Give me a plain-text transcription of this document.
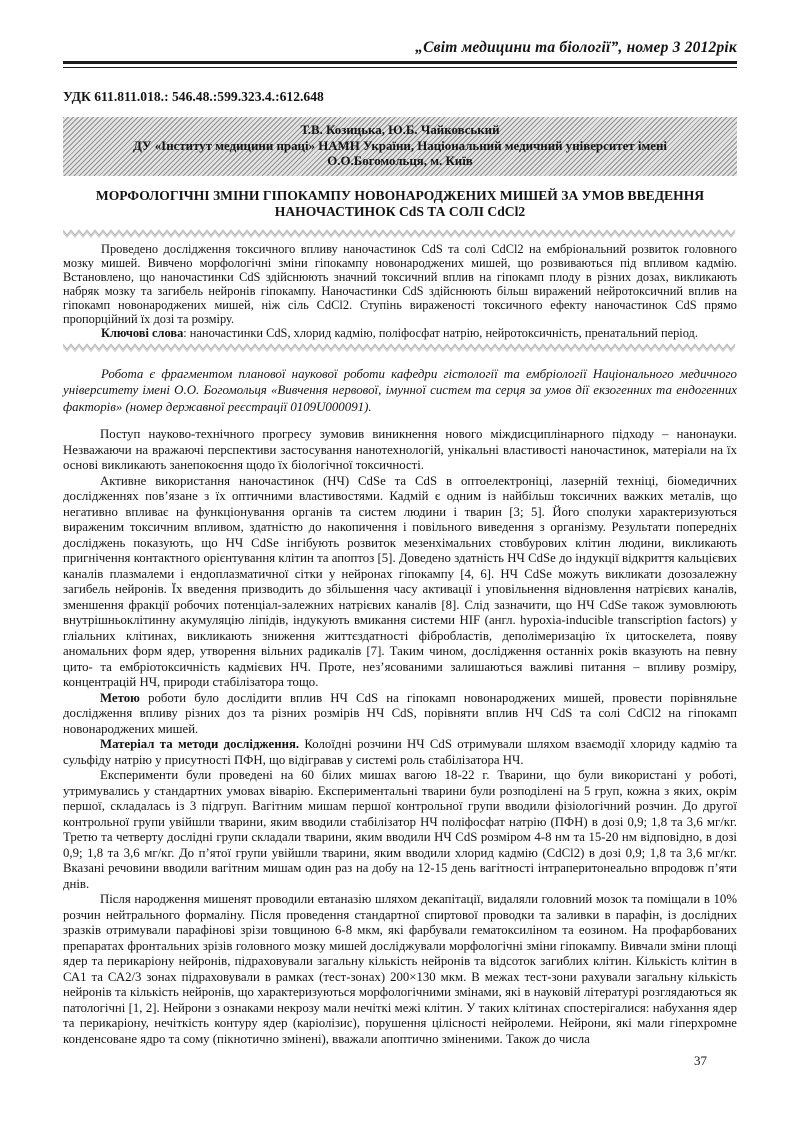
„Світ медицини та біології”, номер 3 2012рік
УДК 611.811.018.: 546.48.:599.323.4.:612.648
Т.В. Козицька, Ю.Б. Чайковський
ДУ «Інститут медицини праці» НАМН України, Національний медичний університет імені
О.О.Богомольця, м. Київ
МОРФОЛОГІЧНІ ЗМІНИ ГІПОКАМПУ НОВОНАРОДЖЕНИХ МИШЕЙ ЗА УМОВ ВВЕДЕННЯ
НАНОЧАСТИНОК CdS ТА СОЛІ CdCl2

Проведено дослідження токсичного впливу наночастинок CdS та солі CdCl2 на ембріональний розвиток головного мозку мишей. Вивчено морфологічні зміни гіпокампу новонароджених мишей, що розвиваються під впливом кадмію. Встановлено, що наночастинки CdS здійснюють значний токсичний вплив на гіпокамп плоду в різних дозах, викликають набряк мозку та загибель нейронів гіпокампу. Наночастинки CdS здійснюють більш виражений нейротоксичний вплив на гіпокамп новонароджених мишей, ніж сіль CdCl2. Ступінь вираженості токсичного ефекту наночастинок CdS прямо пропорційний їх дозі та розміру.

Ключові слова: наночастинки CdS, хлорид кадмію, поліфосфат натрію, нейротоксичність, пренатальний період.

Робота є фрагментом планової наукової роботи кафедри гістології та ембріології Національного медичного університету імені О.О. Богомольця «Вивчення нервової, імунної систем та серця за умов дії екзогенних та ендогенних факторів» (номер державної реєстрації 0109U000091).

Поступ науково-технічного прогресу зумовив виникнення нового міждисциплінарного підходу – нанонауки. Незважаючи на вражаючі перспективи застосування нанотехнологій, унікальні властивості наночастинок, матеріали на їх основі викликають занепокоєння щодо їх біологічної токсичності.

Активне використання наночастинок (НЧ) CdSe та CdS в оптоелектроніці, лазерній техніці, біомедичних дослідженнях пов’язане з їх оптичними властивостями. Кадмій є одним із найбільш токсичних важких металів, що негативно впливає на функціонування органів та систем людини і тварин [3; 5]. Його сполуки характеризуються вираженим токсичним впливом, здатністю до накопичення і повільного виведення з організму. Результати попередніх досліджень показують, що НЧ CdSe інгібують розвиток мезенхімальних стовбурових клітин людини, викликають пригнічення контактного орієнтування клітин та апоптоз [5]. Доведено здатність НЧ CdSe до індукції відкриття кальцієвих каналів плазмалеми і ендоплазматичної сітки у нейронах гіпокампу [4, 6]. НЧ CdSe можуть викликати дозозалежну загибель нейронів. Їх введення призводить до збільшення часу активації і уповільнення відновлення натрієвих каналів, зменшення фракції робочих потенціал-залежних натрієвих каналів [8]. Слід зазначити, що НЧ CdSe також зумовлюють внутрішньоклітинну акумуляцію ліпідів, індукують вмикання системи HIF (англ. hypoxia-inducible transcription factors) у гліальних клітинах, викликають зниження життєздатності фібробластів, деполімеризацію їх цитоскелета, появу аномальних форм ядер, утворення вільних радикалів [7]. Таким чином, дослідження останніх років вказують на певну цито- та ембріотоксичність кадмієвих НЧ. Проте, нез’ясованими залишаються важливі питання – впливу розміру, концентрацій НЧ, природи стабілізатора тощо.

Метою роботи було дослідити вплив НЧ CdS на гіпокамп новонароджених мишей, провести порівняльне дослідження впливу різних доз та різних розмірів НЧ CdS, порівняти вплив НЧ CdS та солі CdCl2 на гіпокамп новонароджених мишей.

Матеріал та методи дослідження. Колоїдні розчини НЧ CdS отримували шляхом взаємодії хлориду кадмію та сульфіду натрію у присутності ПФН, що відігравав у системі роль стабілізатора НЧ.

Експерименти були проведені на 60 білих мишах вагою 18-22 г. Тварини, що були використані у роботі, утримувались у стандартних умовах віварію. Експериментальні тварини були розподілені на 5 груп, кожна з яких, окрім першої, складалась із 3 підгруп. Вагітним мишам першої контрольної групи вводили фізіологічний розчин. До другої контрольної групи увійшли тварини, яким вводили стабілізатор НЧ поліфосфат натрію (ПФН) в дозі 0,9; 1,8 та 3,6 мг/кг. Третю та четверту дослідні групи складали тварини, яким вводили НЧ CdS розміром 4-8 нм та 15-20 нм відповідно, в дозі 0,9; 1,8 та 3,6 мг/кг. До п’ятої групи увійшли тварини, яким вводили хлорид кадмію (CdCl2) в дозі 0,9; 1,8 та 3,6 мг/кг. Вказані речовини вводили вагітним мишам один раз на добу на 12-15 день вагітності інтраперитонеально впродовж п’яти днів.

Після народження мишенят проводили евтаназію шляхом декапітації, видаляли головний мозок та поміщали в 10% розчин нейтрального формаліну. Після проведення стандартної спиртової проводки та заливки в парафін, із дослідних зразків отримували парафінові зрізи товщиною 6-8 мкм, які фарбували гематоксиліном та еозином. На профарбованих препаратах фронтальних зрізів головного мозку мишей досліджували морфологічні зміни гіпокампу. Вивчали зміни площі ядер та перикаріону нейронів, підраховували загальну кількість нейронів та відсоток загиблих клітин. Кількість клітин в СА1 та СА2/3 зонах підраховували в рамках (тест-зонах) 200×130 мкм. В межах тест-зони рахували загальну кількість нейронів та кількість нейронів, що характеризуються морфологічними змінами, які в науковій літературі розглядаються як патологічні [1, 2]. Нейрони з ознаками некрозу мали нечіткі межі клітин. У таких клітинах спостерігалися: набухання ядер та перикаріону, нечіткість контуру ядер (каріолізис), порушення цілісності нейролеми. Нейрони, які мали гіперхромне конденсоване ядро та сому (пікнотично змінені), вважали апоптично зміненими. Також до числа

37
